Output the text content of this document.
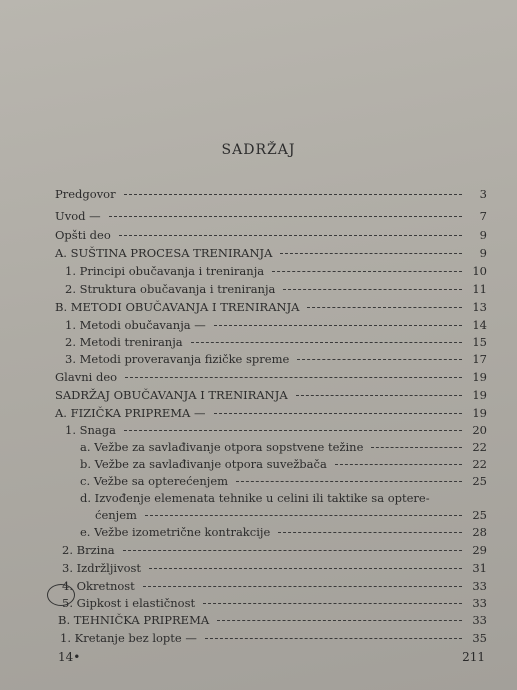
SADRŽAJ
Predgovor	3
Uvod —	7
Opšti deo	9
A. SUŠTINA PROCESA TRENIRANJA	9
1. Principi obučavanja i treniranja	10
2. Struktura obučavanja i treniranja	11
B. METODI OBUČAVANJA I TRENIRANJA	13
1. Metodi obučavanja —	14
2. Metodi treniranja	15
3. Metodi proveravanja fizičke spreme	17
Glavni deo	19
SADRŽAJ OBUČAVANJA I TRENIRANJA	19
A. FIZIČKA PRIPREMA —	19
1. Snaga	20
a. Vežbe za savlađivanje otpora sopstvene težine	22
b. Vežbe za savlađivanje otpora suvežbača	22
c. Vežbe sa opterećenjem	25
d. Izvođenje elemenata tehnike u celini ili taktike sa optere-
ćenjem	25
e. Vežbe izometrične kontrakcije	28
2. Brzina	29
3. Izdržljivost	31
4. Okretnost	33
5. Gipkost i elastičnost	33
B. TEHNIČKA PRIPREMA	33
1. Kretanje bez lopte —	35
14•	211
